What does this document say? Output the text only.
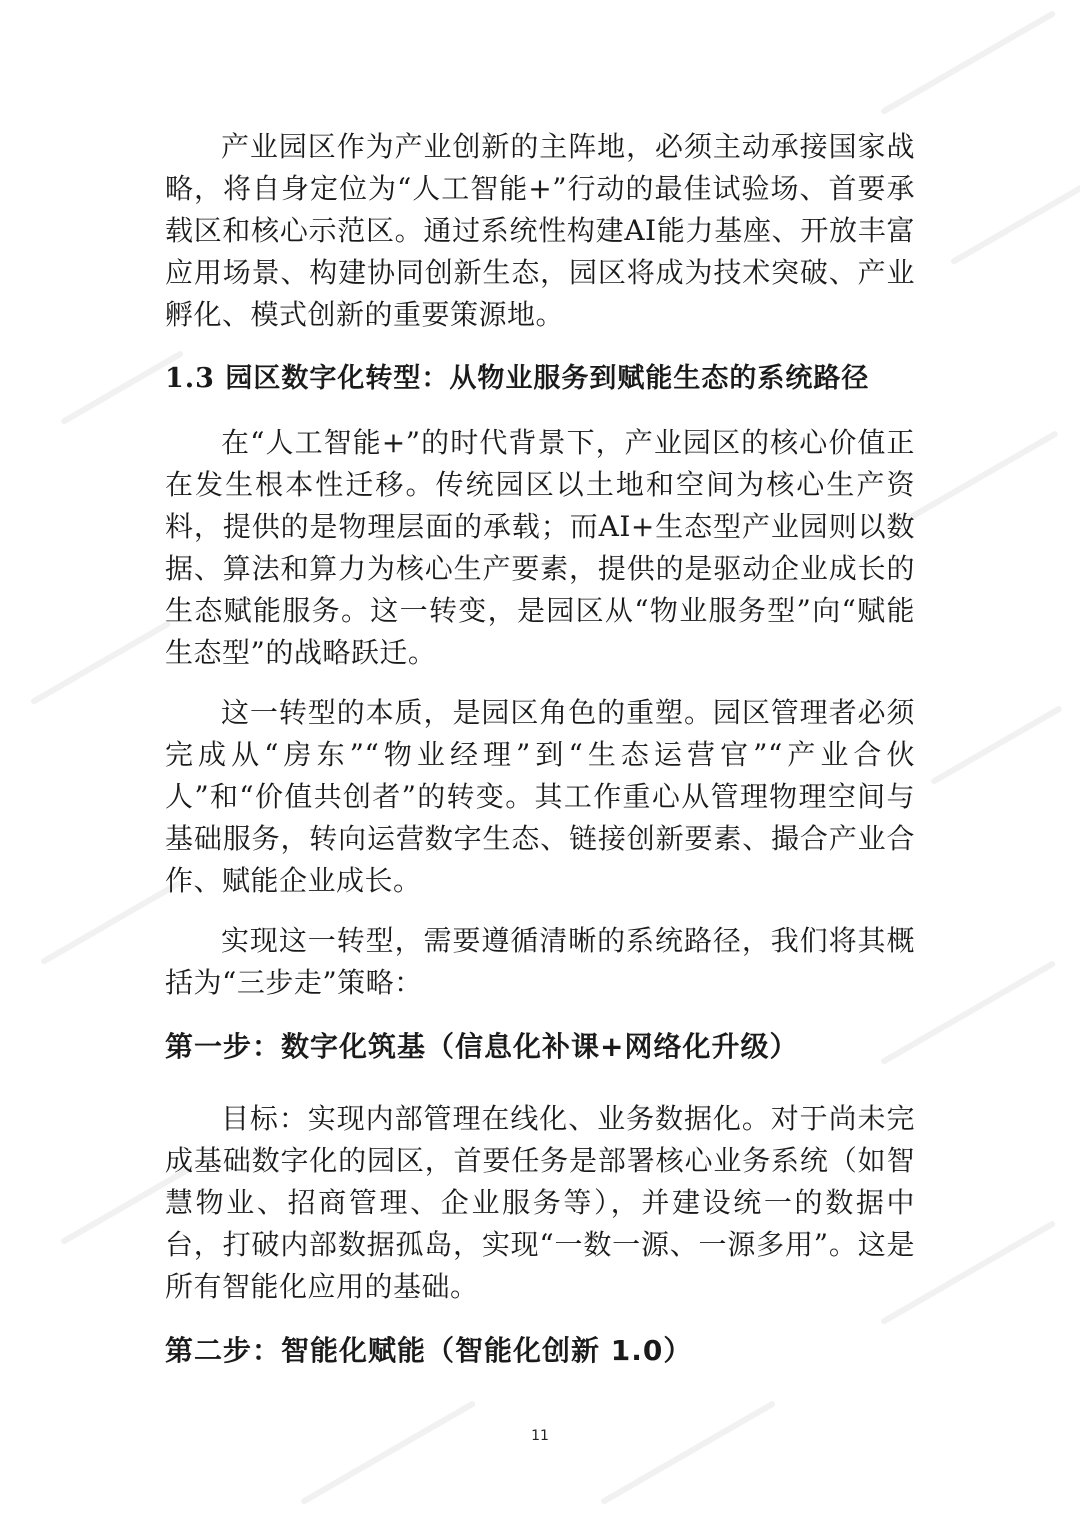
产业园区作为产业创新的主阵地，必须主动承接国家战略，将自身定位为“人工智能+”行动的最佳试验场、首要承载区和核心示范区。通过系统性构建AI能力基座、开放丰富应用场景、构建协同创新生态，园区将成为技术突破、产业孵化、模式创新的重要策源地。

1.3 园区数字化转型：从物业服务到赋能生态的系统路径

在“人工智能+”的时代背景下，产业园区的核心价值正在发生根本性迁移。传统园区以土地和空间为核心生产资料，提供的是物理层面的承载；而AI+生态型产业园则以数据、算法和算力为核心生产要素，提供的是驱动企业成长的生态赋能服务。这一转变，是园区从“物业服务型”向“赋能生态型”的战略跃迁。

这一转型的本质，是园区角色的重塑。园区管理者必须完成从“房东”“物业经理”到“生态运营官”“产业合伙人”和“价值共创者”的转变。其工作重心从管理物理空间与基础服务，转向运营数字生态、链接创新要素、撮合产业合作、赋能企业成长。

实现这一转型，需要遵循清晰的系统路径，我们将其概括为“三步走”策略：

第一步：数字化筑基（信息化补课+网络化升级）

目标：实现内部管理在线化、业务数据化。对于尚未完成基础数字化的园区，首要任务是部署核心业务系统（如智慧物业、招商管理、企业服务等），并建设统一的数据中台，打破内部数据孤岛，实现“一数一源、一源多用”。这是所有智能化应用的基础。

第二步：智能化赋能（智能化创新 1.0）
11
